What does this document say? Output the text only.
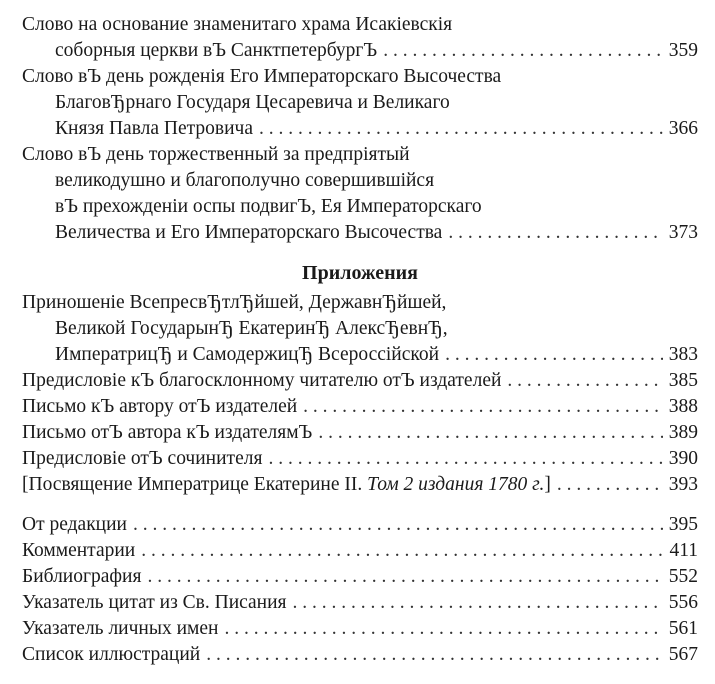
Слово на основание знаменитаго храма Исакіевскія
соборныя церкви вЪ СанктпетербургЪ . . .	359
Слово вЪ день рожденія Его Императорскаго Высочества
БлаговЂрнаго Государя Цесаревича и Великаго
Князя Павла Петровича . . .	366
Слово вЪ день торжественный за предпріятый
великодушно и благополучно совершившійся
вЪ прехожденіи оспы подвигЪ, Ея Императорскаго
Величества и Его Императорскаго Высочества . . .	373
Приложения
Приношеніе ВсепресвЂтлЂйшей, ДержавнЂйшей,
Великой ГосударынЂ ЕкатеринЂ АлексЂевнЂ,
ИмператрицЂ и СамодержицЂ Всероссійской . . .	383
Предисловіе кЪ благосклонному читателю отЪ издателей . . .	385
Письмо кЪ автору отЪ издателей . . .	388
Письмо отЪ автора кЪ издателямЪ . . .	389
Предисловіе отЪ сочинителя . . .	390
[Посвящение Императрице Екатерине II. Том 2 издания 1780 г.] . . .	393
От редакции . . .	395
Комментарии . . .	411
Библиография . . .	552
Указатель цитат из Св. Писания . . .	556
Указатель личных имен . . .	561
Список иллюстраций . . .	567
